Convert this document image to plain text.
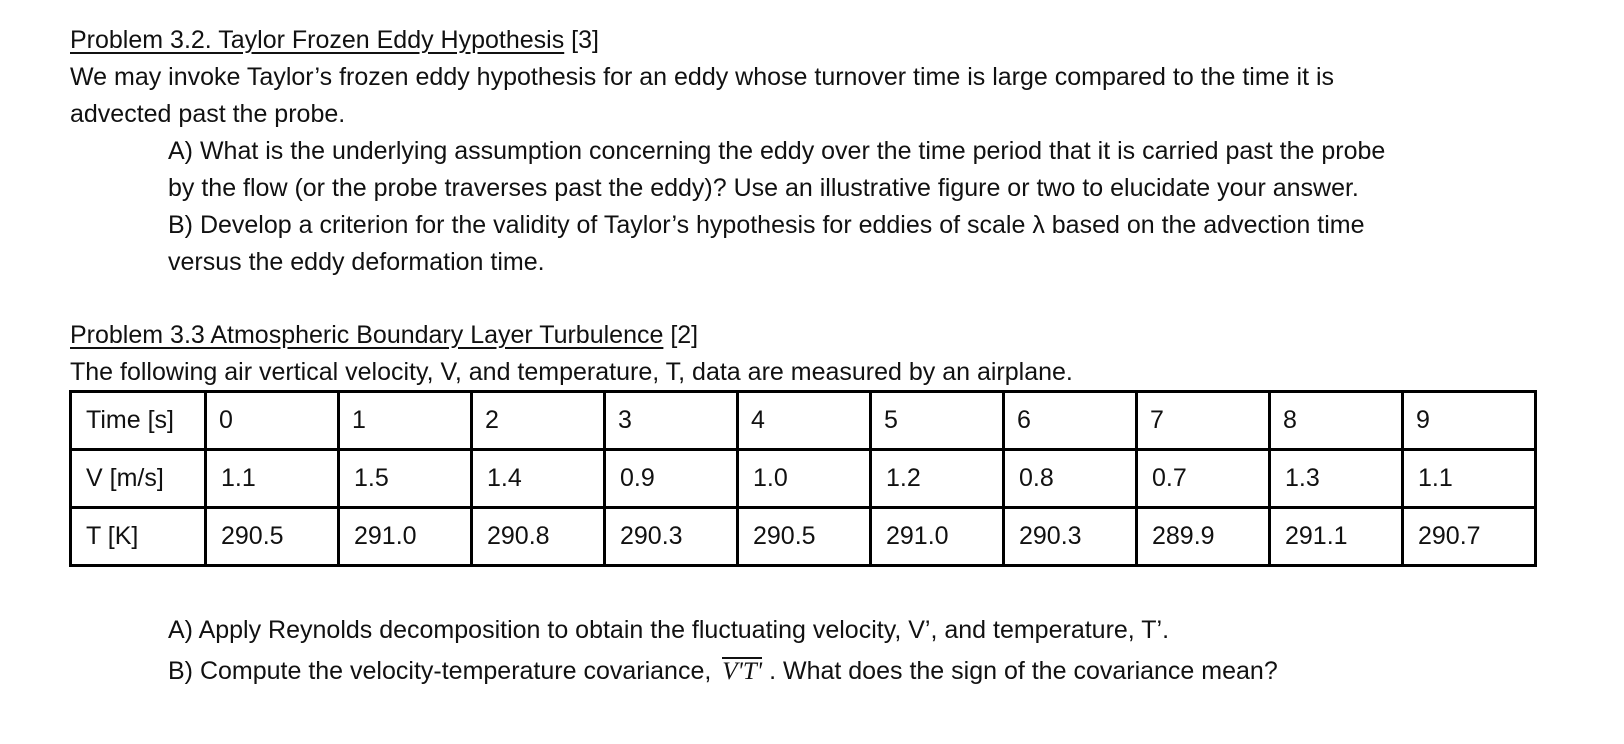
Problem 3.2. Taylor Frozen Eddy Hypothesis [3]
We may invoke Taylor’s frozen eddy hypothesis for an eddy whose turnover time is large compared to the time it is
advected past the probe.
A) What is the underlying assumption concerning the eddy over the time period that it is carried past the probe
by the flow (or the probe traverses past the eddy)? Use an illustrative figure or two to elucidate your answer.
B) Develop a criterion for the validity of Taylor’s hypothesis for eddies of scale λ based on the advection time
versus the eddy deformation time.
Problem 3.3 Atmospheric Boundary Layer Turbulence [2]
The following air vertical velocity, V, and temperature, T, data are measured by an airplane.
Time [s]	0	1	2	3	4	5	6	7	8	9
V [m/s]	1.1	1.5	1.4	0.9	1.0	1.2	0.8	0.7	1.3	1.1
T [K]	290.5	291.0	290.8	290.3	290.5	291.0	290.3	289.9	291.1	290.7
A) Apply Reynolds decomposition to obtain the fluctuating velocity, V’, and temperature, T’.
B) Compute the velocity-temperature covariance, V'T' . What does the sign of the covariance mean?
